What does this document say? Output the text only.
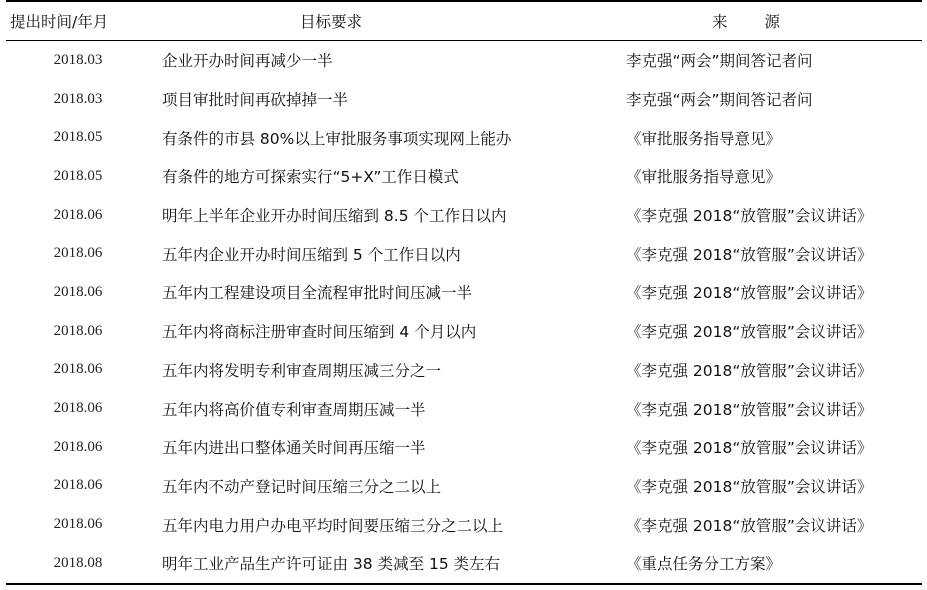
提出时间/年月	目标要求	来 源
2018.03	企业开办时间再减少一半	李克强“两会”期间答记者问
2018.03	项目审批时间再砍掉掉一半	李克强“两会”期间答记者问
2018.05	有条件的市县 80%以上审批服务事项实现网上能办	《审批服务指导意见》
2018.05	有条件的地方可探索实行“5+X”工作日模式	《审批服务指导意见》
2018.06	明年上半年企业开办时间压缩到 8.5 个工作日以内	《李克强 2018“放管服”会议讲话》
2018.06	五年内企业开办时间压缩到 5 个工作日以内	《李克强 2018“放管服”会议讲话》
2018.06	五年内工程建设项目全流程审批时间压减一半	《李克强 2018“放管服”会议讲话》
2018.06	五年内将商标注册审查时间压缩到 4 个月以内	《李克强 2018“放管服”会议讲话》
2018.06	五年内将发明专利审查周期压减三分之一	《李克强 2018“放管服”会议讲话》
2018.06	五年内将高价值专利审查周期压减一半	《李克强 2018“放管服”会议讲话》
2018.06	五年内进出口整体通关时间再压缩一半	《李克强 2018“放管服”会议讲话》
2018.06	五年内不动产登记时间压缩三分之二以上	《李克强 2018“放管服”会议讲话》
2018.06	五年内电力用户办电平均时间要压缩三分之二以上	《李克强 2018“放管服”会议讲话》
2018.08	明年工业产品生产许可证由 38 类减至 15 类左右	《重点任务分工方案》
